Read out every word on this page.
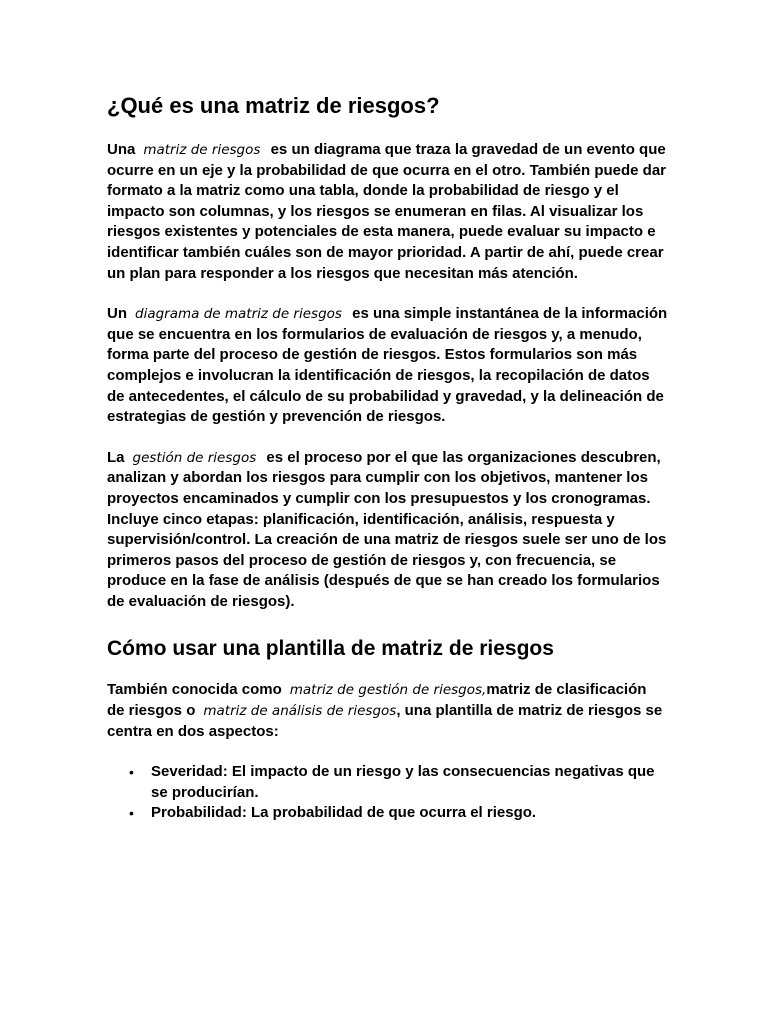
¿Qué es una matriz de riesgos?

Una matriz de riesgos es un diagrama que traza la gravedad de un evento que ocurre en un eje y la probabilidad de que ocurra en el otro. También puede dar formato a la matriz como una tabla, donde la probabilidad de riesgo y el impacto son columnas, y los riesgos se enumeran en filas. Al visualizar los riesgos existentes y potenciales de esta manera, puede evaluar su impacto e identificar también cuáles son de mayor prioridad. A partir de ahí, puede crear un plan para responder a los riesgos que necesitan más atención.

Un diagrama de matriz de riesgos es una simple instantánea de la información que se encuentra en los formularios de evaluación de riesgos y, a menudo, forma parte del proceso de gestión de riesgos. Estos formularios son más complejos e involucran la identificación de riesgos, la recopilación de datos de antecedentes, el cálculo de su probabilidad y gravedad, y la delineación de estrategias de gestión y prevención de riesgos.

La gestión de riesgos es el proceso por el que las organizaciones descubren, analizan y abordan los riesgos para cumplir con los objetivos, mantener los proyectos encaminados y cumplir con los presupuestos y los cronogramas. Incluye cinco etapas: planificación, identificación, análisis, respuesta y supervisión/control. La creación de una matriz de riesgos suele ser uno de los primeros pasos del proceso de gestión de riesgos y, con frecuencia, se produce en la fase de análisis (después de que se han creado los formularios de evaluación de riesgos).

Cómo usar una plantilla de matriz de riesgos

También conocida como matriz de gestión de riesgos,matriz de clasificación de riesgos o matriz de análisis de riesgos, una plantilla de matriz de riesgos se centra en dos aspectos:

• Severidad: El impacto de un riesgo y las consecuencias negativas que se producirían.
• Probabilidad: La probabilidad de que ocurra el riesgo.
